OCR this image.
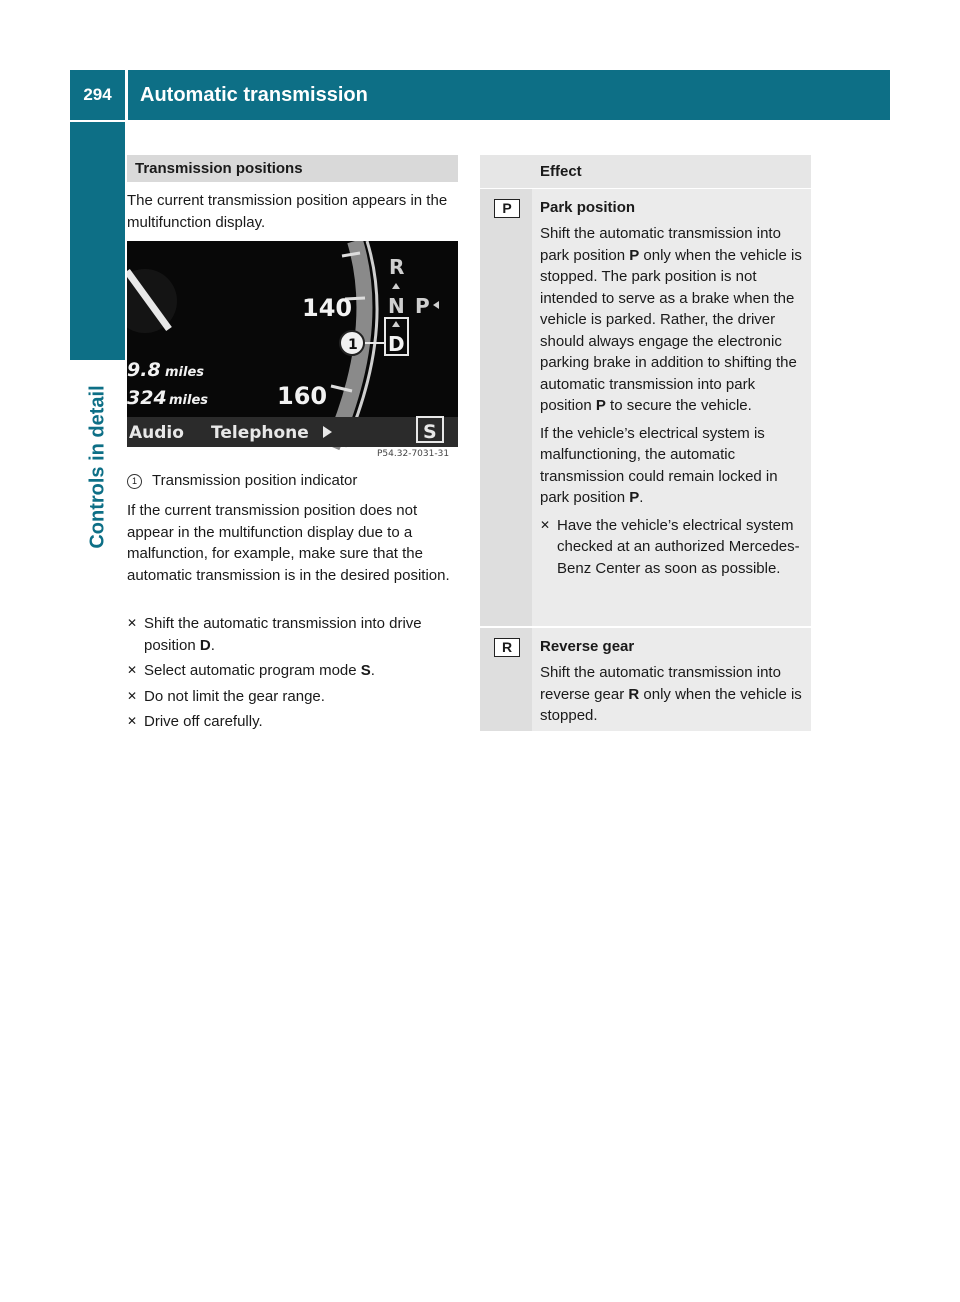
294	Automatic transmission
Controls in detail
Transmission positions
The current transmission position appears in the multifunction display.
140
160
R
N P
D
1
9.8 miles
324 miles
Audio Telephone	S
P54.32-7031-31
1 Transmission position indicator
If the current transmission position does not appear in the multifunction display due to a malfunction, for example, make sure that the automatic transmission is in the desired position.
✕ Shift the automatic transmission into drive position D.
✕ Select automatic program mode S.
✕ Do not limit the gear range.
✕ Drive off carefully.
Effect
P	Park position
Shift the automatic transmission into park position P only when the vehicle is stopped. The park position is not intended to serve as a brake when the vehicle is parked. Rather, the driver should always engage the electronic parking brake in addition to shifting the automatic transmission into park position P to secure the vehicle.
If the vehicle’s electrical system is malfunctioning, the automatic transmission could remain locked in park position P.
✕ Have the vehicle’s electrical system checked at an authorized Mercedes-Benz Center as soon as possible.
R	Reverse gear
Shift the automatic transmission into reverse gear R only when the vehicle is stopped.
